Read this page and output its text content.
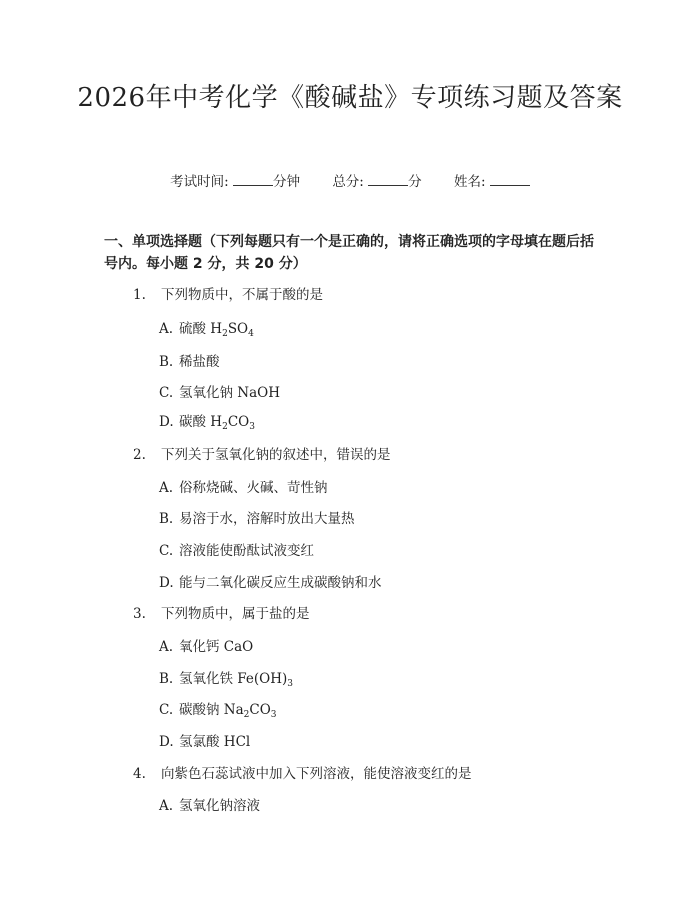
2026年中考化学《酸碱盐》专项练习题及答案
考试时间:	分钟 总分:	分 姓名:
一、单项选择题（下列每题只有一个是正确的，请将正确选项的字母填在题后括号内。每小题 2 分，共 20 分）
1. 下列物质中，不属于酸的是
A. 硫酸 $H_2SO_4$
B. 稀盐酸
C. 氢氧化钠 NaOH
D. 碳酸 $H_2CO_3$
2. 下列关于氢氧化钠的叙述中，错误的是
A. 俗称烧碱、火碱、苛性钠
B. 易溶于水，溶解时放出大量热
C. 溶液能使酚酞试液变红
D. 能与二氧化碳反应生成碳酸钠和水
3. 下列物质中，属于盐的是
A. 氧化钙 CaO
B. 氢氧化铁 $Fe(OH)_3$
C. 碳酸钠 $Na_2CO_3$
D. 氢氯酸 HCl
4. 向紫色石蕊试液中加入下列溶液，能使溶液变红的是
A. 氢氧化钠溶液
